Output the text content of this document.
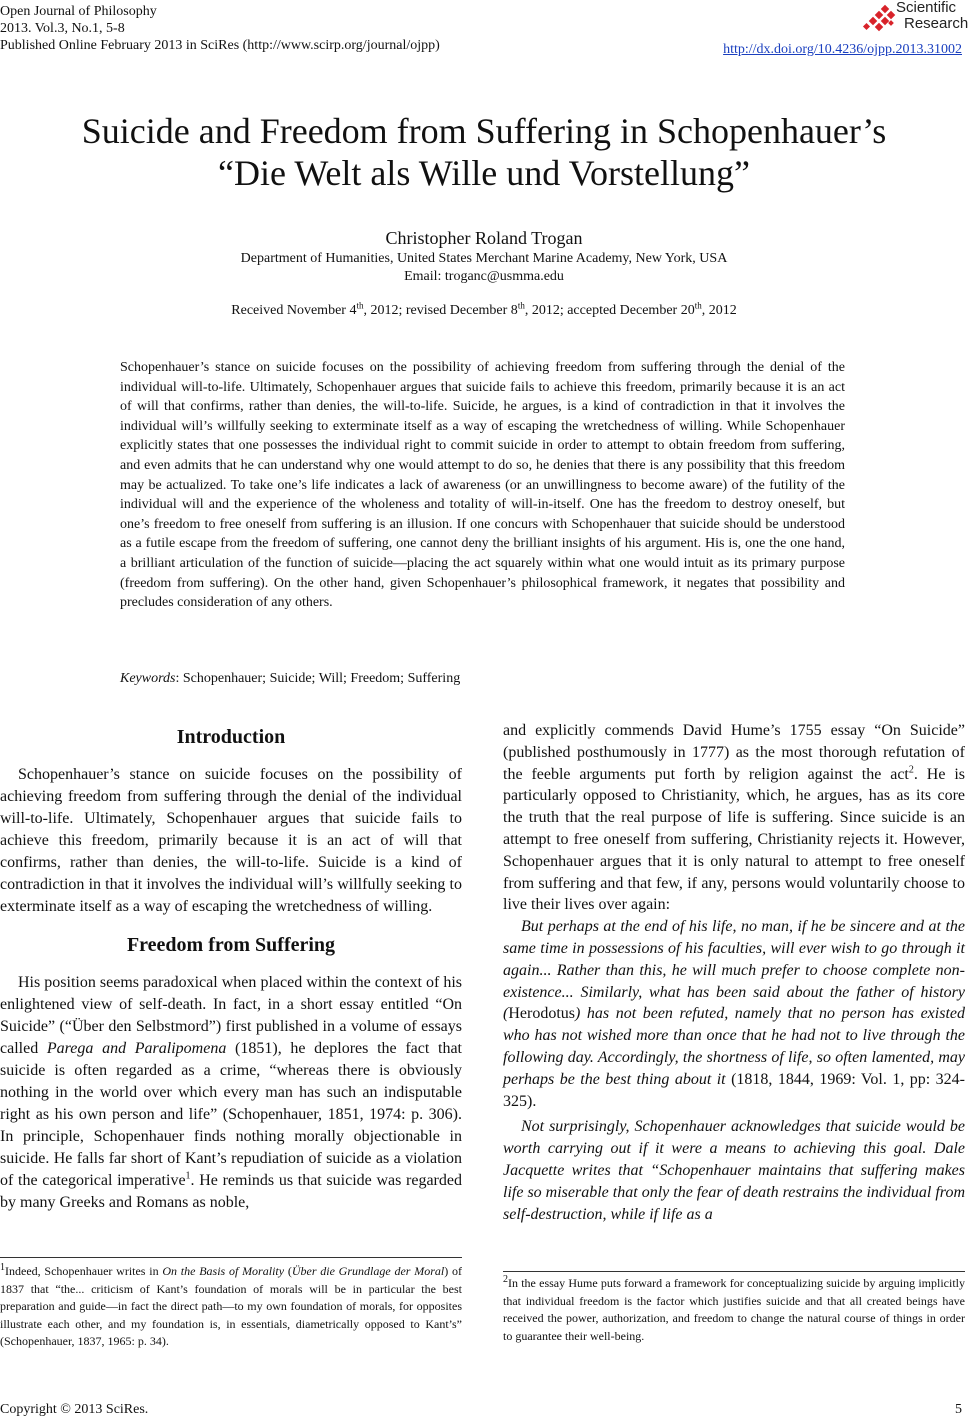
Open Journal of Philosophy
2013. Vol.3, No.1, 5-8
Published Online February 2013 in SciRes (http://www.scirp.org/journal/ojpp)
Scientific
Research
http://dx.doi.org/10.4236/ojpp.2013.31002
Suicide and Freedom from Suffering in Schopenhauer’s
“Die Welt als Wille und Vorstellung”
Christopher Roland Trogan
Department of Humanities, United States Merchant Marine Academy, New York, USA
Email: troganc@usmma.edu
Received November 4th, 2012; revised December 8th, 2012; accepted December 20th, 2012
Schopenhauer’s stance on suicide focuses on the possibility of achieving freedom from suffering through the denial of the individual will-to-life. Ultimately, Schopenhauer argues that suicide fails to achieve this freedom, primarily because it is an act of will that confirms, rather than denies, the will-to-life. Suicide, he argues, is a kind of contradiction in that it involves the individual will’s willfully seeking to exterminate itself as a way of escaping the wretchedness of willing. While Schopenhauer explicitly states that one possesses the individual right to commit suicide in order to attempt to obtain freedom from suffering, and even admits that he can understand why one would attempt to do so, he denies that there is any possibility that this freedom may be actualized. To take one’s life indicates a lack of awareness (or an unwillingness to become aware) of the futility of the individual will and the experience of the wholeness and totality of will-in-itself. One has the freedom to destroy oneself, but one’s freedom to free oneself from suffering is an illusion. If one concurs with Schopenhauer that suicide should be understood as a futile escape from the freedom of suffering, one cannot deny the brilliant insights of his argument. His is, one the one hand, a brilliant articulation of the function of suicide—placing the act squarely within what one would intuit as its primary purpose (freedom from suffering). On the other hand, given Schopenhauer’s philosophical framework, it negates that possibility and precludes consideration of any others.
Keywords: Schopenhauer; Suicide; Will; Freedom; Suffering
Introduction

Schopenhauer’s stance on suicide focuses on the possibility of achieving freedom from suffering through the denial of the individual will-to-life. Ultimately, Schopenhauer argues that suicide fails to achieve this freedom, primarily because it is an act of will that confirms, rather than denies, the will-to-life. Suicide is a kind of contradiction in that it involves the individual will’s willfully seeking to exterminate itself as a way of escaping the wretchedness of willing.

Freedom from Suffering

His position seems paradoxical when placed within the context of his enlightened view of self-death. In fact, in a short essay entitled “On Suicide” (“Über den Selbstmord”) first published in a volume of essays called Parega and Paralipomena (1851), he deplores the fact that suicide is often regarded as a crime, “whereas there is obviously nothing in the world over which every man has such an indisputable right as his own person and life” (Schopenhauer, 1851, 1974: p. 306). In principle, Schopenhauer finds nothing morally objectionable in suicide. He falls far short of Kant’s repudiation of suicide as a violation of the categorical imperative$^1$. He reminds us that suicide was regarded by many Greeks and Romans as noble,

and explicitly commends David Hume’s 1755 essay “On Suicide” (published posthumously in 1777) as the most thorough refutation of the feeble arguments put forth by religion against the act$^2$. He is particularly opposed to Christianity, which, he argues, has as its core the truth that the real purpose of life is suffering. Since suicide is an attempt to free oneself from suffering, Christianity rejects it. However, Schopenhauer argues that it is only natural to attempt to free oneself from suffering and that few, if any, persons would voluntarily choose to live their lives over again:

But perhaps at the end of his life, no man, if he be sincere and at the same time in possessions of his faculties, will ever wish to go through it again... Rather than this, he will much prefer to choose complete non-existence... Similarly, what has been said about the father of history (Herodotus) has not been refuted, namely that no person has existed who has not wished more than once that he had not to live through the following day. Accordingly, the shortness of life, so often lamented, may perhaps be the best thing about it (1818, 1844, 1969: Vol. 1, pp: 324-325).

Not surprisingly, Schopenhauer acknowledges that suicide would be worth carrying out if it were a means to achieving this goal. Dale Jacquette writes that “Schopenhauer maintains that suffering makes life so miserable that only the fear of death restrains the individual from self-destruction, while if life as a

$^1$Indeed, Schopenhauer writes in On the Basis of Morality (Über die Grundlage der Moral) of 1837 that “the... criticism of Kant’s foundation of morals will be in particular the best preparation and guide—in fact the direct path—to my own foundation of morals, for opposites illustrate each other, and my foundation is, in essentials, diametrically opposed to Kant’s” (Schopenhauer, 1837, 1965: p. 34).
$^2$In the essay Hume puts forward a framework for conceptualizing suicide by arguing implicitly that individual freedom is the factor which justifies suicide and that all created beings have received the power, authorization, and freedom to change the natural course of things in order to guarantee their well-being.
Copyright © 2013 SciRes.	5
